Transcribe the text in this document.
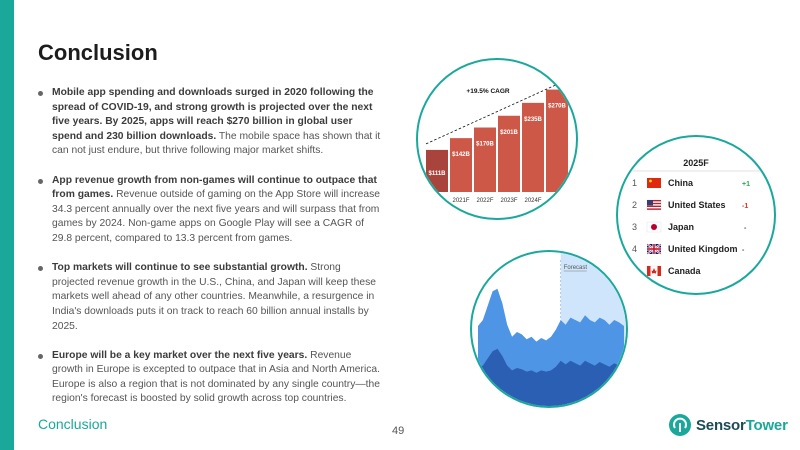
Conclusion
Mobile app spending and downloads surged in 2020 following the spread of COVID-19, and strong growth is projected over the next five years. By 2025, apps will reach $270 billion in global user spend and 230 billion downloads. The mobile space has shown that it can not just endure, but thrive following major market shifts.
App revenue growth from non-games will continue to outpace that from games. Revenue outside of gaming on the App Store will increase 34.3 percent annually over the next five years and will surpass that from games by 2024. Non-game apps on Google Play will see a CAGR of 29.8 percent, compared to 13.3 percent from games.
Top markets will continue to see substantial growth. Strong projected revenue growth in the U.S., China, and Japan will keep these markets well ahead of any other countries. Meanwhile, a resurgence in India's downloads puts it on track to reach 60 billion annual installs by 2025.
Europe will be a key market over the next five years. Revenue growth in Europe is excepted to outpace that in Asia and North America. Europe is also a region that is not dominated by any single country—the region's forecast is boosted by solid growth across top countries.
$111B
$142B
2021F
$170B
2022F
$201B
2023F
$235B
2024F
$270B
+19.5% CAGR
2025F
1	China	+1
2	United States -1
3	Japan	-
4	United Kingdom -
Canada
Forecast
Conclusion	49	SensorTower
